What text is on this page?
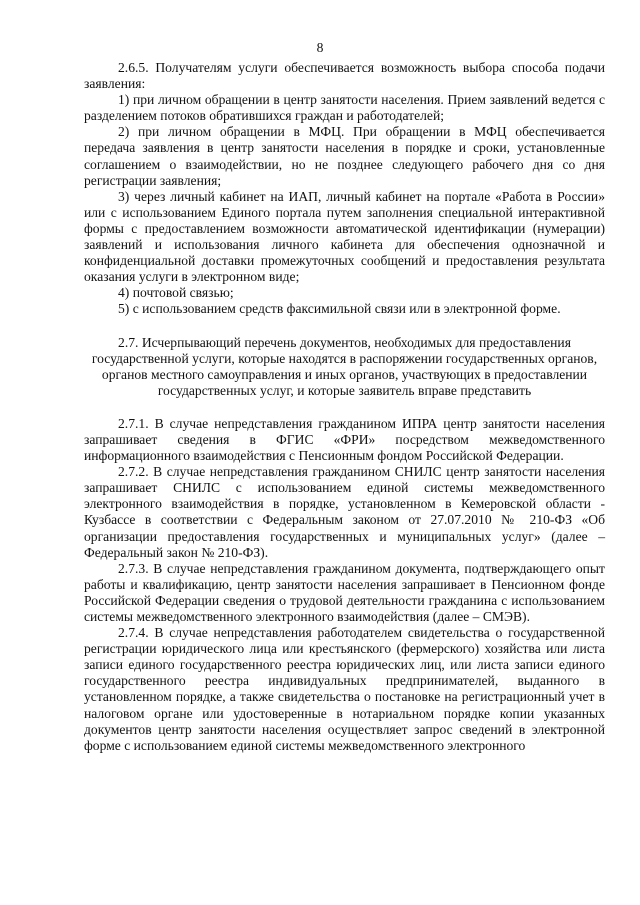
8

2.6.5. Получателям услуги обеспечивается возможность выбора способа подачи заявления:

1) при личном обращении в центр занятости населения. Прием заявлений ведется с разделением потоков обратившихся граждан и работодателей;

2) при личном обращении в МФЦ. При обращении в МФЦ обеспечивается передача заявления в центр занятости населения в порядке и сроки, установленные соглашением о взаимодействии, но не позднее следующего рабочего дня со дня регистрации заявления;

3) через личный кабинет на ИАП, личный кабинет на портале «Работа в России» или с использованием Единого портала путем заполнения специальной интерактивной формы с предоставлением возможности автоматической идентификации (нумерации) заявлений и использования личного кабинета для обеспечения однозначной и конфиденциальной доставки промежуточных сообщений и предоставления результата оказания услуги в электронном виде;

4) почтовой связью;

5) с использованием средств факсимильной связи или в электронной форме.

2.7. Исчерпывающий перечень документов, необходимых для предоставления государственной услуги, которые находятся в распоряжении государственных органов, органов местного самоуправления и иных органов, участвующих в предоставлении государственных услуг, и которые заявитель вправе представить

2.7.1. В случае непредставления гражданином ИПРА центр занятости населения запрашивает сведения в ФГИС «ФРИ» посредством межведомственного информационного взаимодействия с Пенсионным фондом Российской Федерации.

2.7.2. В случае непредставления гражданином СНИЛС центр занятости населения запрашивает СНИЛС с использованием единой системы межведомственного электронного взаимодействия в порядке, установленном в Кемеровской области - Кузбассе в соответствии с Федеральным законом от 27.07.2010 № 210-ФЗ «Об организации предоставления государственных и муниципальных услуг» (далее – Федеральный закон № 210-ФЗ).

2.7.3. В случае непредставления гражданином документа, подтверждающего опыт работы и квалификацию, центр занятости населения запрашивает в Пенсионном фонде Российской Федерации сведения о трудовой деятельности гражданина с использованием системы межведомственного электронного взаимодействия (далее – СМЭВ).

2.7.4. В случае непредставления работодателем свидетельства о государственной регистрации юридического лица или крестьянского (фермерского) хозяйства или листа записи единого государственного реестра юридических лиц, или листа записи единого государственного реестра индивидуальных предпринимателей, выданного в установленном порядке, а также свидетельства о постановке на регистрационный учет в налоговом органе или удостоверенные в нотариальном порядке копии указанных документов центр занятости населения осуществляет запрос сведений в электронной форме с использованием единой системы межведомственного электронного
